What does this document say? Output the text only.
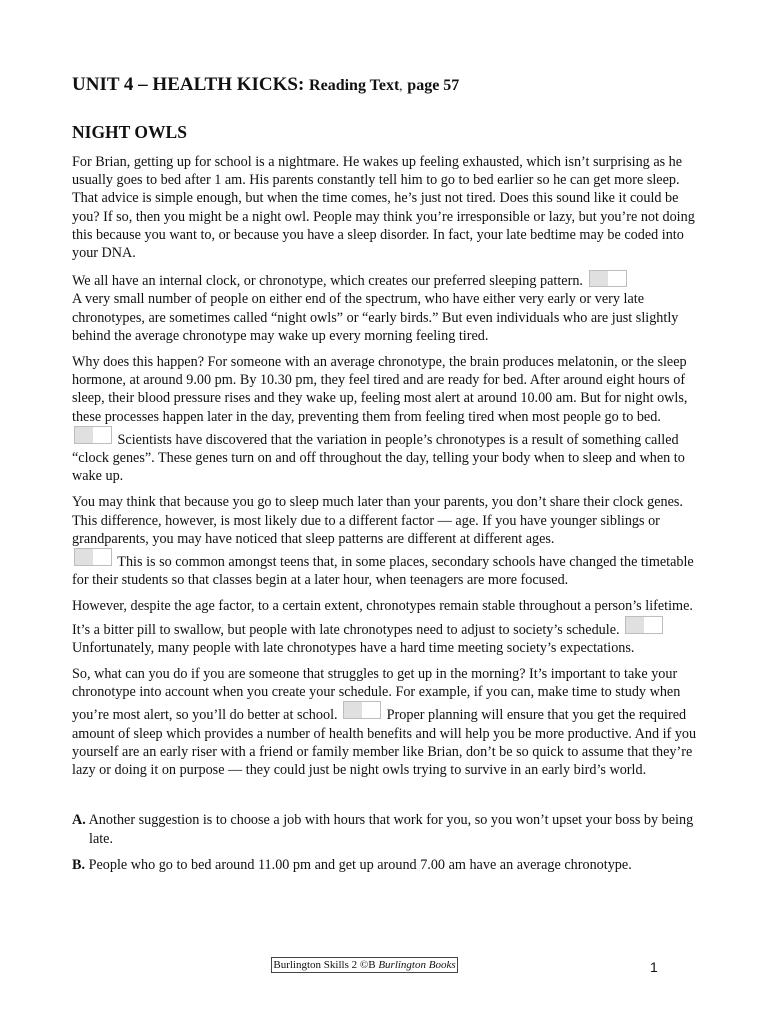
UNIT 4 – HEALTH KICKS: Reading Text, page 57
NIGHT OWLS

For Brian, getting up for school is a nightmare. He wakes up feeling exhausted, which isn’t surprising as he usually goes to bed after 1 am. His parents constantly tell him to go to bed earlier so he can get more sleep. That advice is simple enough, but when the time comes, he’s just not tired. Does this sound like it could be you? If so, then you might be a night owl. People may think you’re irresponsible or lazy, but you’re not doing this because you want to, or because you have a sleep disorder. In fact, your late bedtime may be coded into your DNA.

We all have an internal clock, or chronotype, which creates our preferred sleeping pattern.
A very small number of people on either end of the spectrum, who have either very early or very late chronotypes, are sometimes called “night owls” or “early birds.” But even individuals who are just slightly behind the average chronotype may wake up every morning feeling tired.

Why does this happen? For someone with an average chronotype, the brain produces melatonin, or the sleep hormone, at around 9.00 pm. By 10.30 pm, they feel tired and are ready for bed. After around eight hours of sleep, their blood pressure rises and they wake up, feeling most alert at around 10.00 am. But for night owls, these processes happen later in the day, preventing them from feeling tired when most people go to bed.  Scientists have discovered that the variation in people’s chronotypes is a result of something called “clock genes”. These genes turn on and off throughout the day, telling your body when to sleep and when to wake up.

You may think that because you go to sleep much later than your parents, you don’t share their clock genes. This difference, however, is most likely due to a different factor — age. If you have younger siblings or grandparents, you may have noticed that sleep patterns are different at different ages.
This is so common amongst teens that, in some places, secondary schools have changed the timetable for their students so that classes begin at a later hour, when teenagers are more focused.

However, despite the age factor, to a certain extent, chronotypes remain stable throughout a person’s lifetime. It’s a bitter pill to swallow, but people with late chronotypes need to adjust to society’s schedule.  Unfortunately, many people with late chronotypes have a hard time meeting society’s expectations.

So, what can you do if you are someone that struggles to get up in the morning? It’s important to take your chronotype into account when you create your schedule. For example, if you can, make time to study when you’re most alert, so you’ll do better at school.	Proper planning will ensure that you get the required amount of sleep which provides a number of health benefits and will help you be more productive. And if you yourself are an early riser with a friend or family member like Brian, don’t be so quick to assume that they’re lazy or doing it on purpose — they could just be night owls trying to survive in an early bird’s world.

A. Another suggestion is to choose a job with hours that work for you, so you won’t upset your boss by being late.

B. People who go to bed around 11.00 pm and get up around 7.00 am have an average chronotype.

Burlington Skills 2 ©B Burlington Books	1
